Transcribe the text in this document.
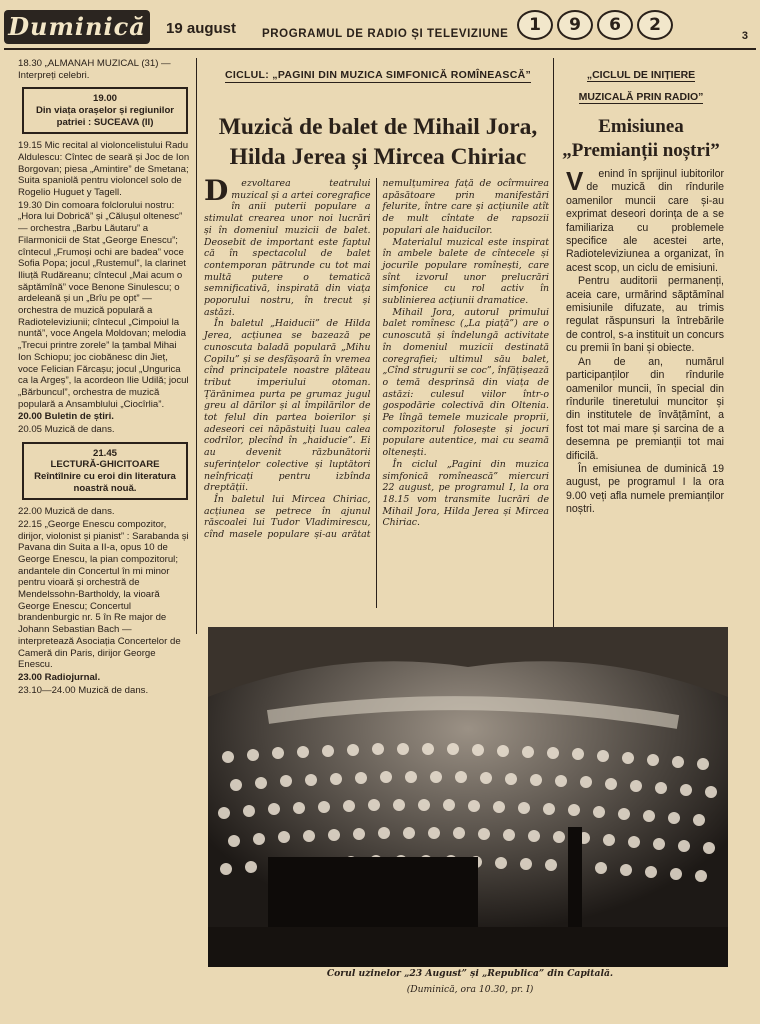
Duminică 19 august PROGRAMUL DE RADIO ȘI TELEVIZIUNE	1	9	6	2
3

18.30 „ALMANAH MUZICAL (31) — Interpreți celebri.

19.00
Din viața orașelor și regiunilor patriei : SUCEAVA (II)

19.15 Mic recital al violoncelistului Radu Aldulescu: Cîntec de seară și Joc de Ion Borgovan; piesa „Amintire” de Smetana; Suita spaniolă pentru violoncel solo de Rogelio Huguet y Tagell.

19.30 Din comoara folclorului nostru: „Hora lui Dobrică” și „Călușul oltenesc” — orchestra „Barbu Lăutaru” a Filarmonicii de Stat „George Enescu”; cîntecul „Frumoși ochi are badea” voce Sofia Popa; jocul „Rustemul”, la clarinet Iliuță Rudăreanu; cîntecul „Mai acum o săptămînă” voce Benone Sinulescu; o ardeleană și un „Brîu pe opt” — orchestra de muzică populară a Radioteleviziunii; cîntecul „Cimpoiul la nuntă”, voce Angela Moldovan; melodia „Trecui printre zorele” la țambal Mihai Ion Schiopu; joc ciobănesc din Jieț, voce Felician Fărcașu; jocul „Ungurica ca la Argeș”, la acordeon Ilie Udilă; jocul „Bărbuncul”, orchestra de muzică populară a Ansamblului „Ciocîrlia”.

20.00 Buletin de știri.

20.05 Muzică de dans.

21.45
LECTURĂ-GHICITOARE
Reîntîlnire cu eroi din literatura noastră nouă.

22.00 Muzică de dans.

22.15 „George Enescu compozitor, dirijor, violonist și pianist” : Sarabanda și Pavana din Suita a II-a, opus 10 de George Enescu, la pian compozitorul; andantele din Concertul în mi minor pentru vioară și orchestră de Mendelssohn-Bartholdy, la vioară George Enescu; Concertul brandenburgic nr. 5 în Re major de Johann Sebastian Bach — interpretează Asociația Concertelor de Cameră din Paris, dirijor George Enescu.

23.00 Radiojurnal.

23.10—24.00 Muzică de dans.

CICLUL: „PAGINI DIN MUZICA SIMFONICĂ ROMÎNEASCĂ”
Muzică de balet de Mihail Jora, Hilda Jerea și Mircea Chiriac

Dezvoltarea teatrului muzical și a artei coregrafice în anii puterii populare a stimulat crearea unor noi lucrări și în domeniul muzicii de balet. Deosebit de important este faptul că în spectacolul de balet contemporan pătrunde cu tot mai multă putere o tematică semnificativă, inspirată din viața poporului nostru, în trecut și astăzi.

În baletul „Haiducii” de Hilda Jerea, acțiunea se bazează pe cunoscuta baladă populară „Mihu Copilu” și se desfășoară în vremea cînd principatele noastre plăteau tribut imperiului otoman. Țărănimea purta pe grumaz jugul greu al dărilor și al împilărilor de tot felul din partea boierilor și adeseori cei năpăstuiți luau calea codrilor, plecînd în „haiducie”. Ei au devenit răzbunătorii suferințelor colective și luptători neînfricați pentru izbînda dreptății.

În baletul lui Mircea Chiriac, acțiunea se petrece în ajunul răscoalei lui Tudor Vladimirescu, cînd masele populare și-au arătat nemulțumirea față de ocîrmuirea apăsătoare prin manifestări felurite, între care și acțiunile atît de mult cîntate de rapsozii populari ale haiducilor.

Materialul muzical este inspirat în ambele balete de cîntecele și jocurile populare romînești, care sînt izvorul unor prelucrări simfonice cu rol activ în sublinierea acțiunii dramatice.

Mihail Jora, autorul primului balet romînesc („La piață”) are o cunoscută și îndelungă activitate în domeniul muzicii destinată coregrafiei; ultimul său balet, „Cînd strugurii se coc”, înfățișează o temă desprinsă din viața de astăzi: culesul viilor într-o gospodărie colectivă din Oltenia. Pe lîngă temele muzicale proprii, compozitorul folosește și jocuri populare autentice, mai cu seamă oltenești.

În ciclul „Pagini din muzica simfonică romînească” miercuri 22 august, pe programul I, la ora 18.15 vom transmite lucrări de Mihail Jora, Hilda Jerea și Mircea Chiriac.

„CICLUL DE INIȚIERE MUZICALĂ PRIN RADIO”
Emisiunea
„Premianții noștri”

Venind în sprijinul iubitorilor de muzică din rîndurile oamenilor muncii care și-au exprimat deseori dorința de a se familiariza cu problemele specifice ale acestei arte, Radioteleviziunea a organizat, în acest scop, un ciclu de emisiuni.

Pentru auditorii permanenți, aceia care, urmărind săptămînal emisiunile difuzate, au trimis regulat răspunsuri la întrebările de control, s-a instituit un concurs cu premii în bani și obiecte.

An de an, numărul participanților din rîndurile oamenilor muncii, în special din rîndurile tineretului muncitor și din institutele de învățămînt, a fost tot mai mare și sarcina de a desemna pe premianții tot mai dificilă.

În emisiunea de duminică 19 august, pe programul I la ora 9.00 veți afla numele premianților noștri.

Corul uzinelor „23 August” și „Republica” din Capitală.
(Duminică, ora 10.30, pr. I)
